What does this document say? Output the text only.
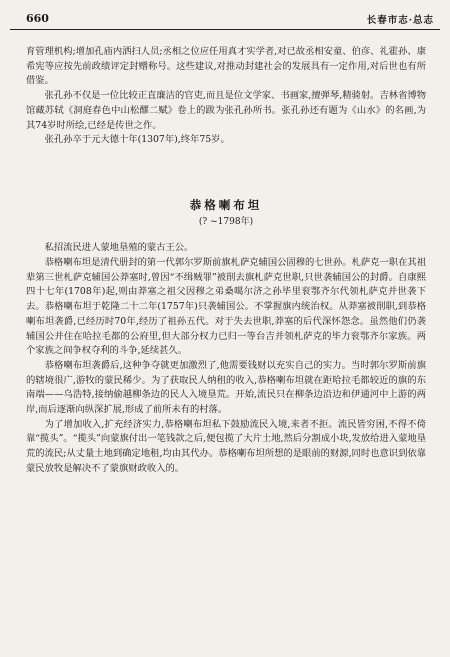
660	长春市志·总志

育管理机构;增加孔庙内洒扫人员;丞相之位应任用真才实学者,对已故丞相安童、伯彦、礼霍孙、康希宪等应按先前政绩评定封赠称号。这些建议,对推动封建社会的发展具有一定作用,对后世也有所借鉴。

张孔孙不仅是一位比较正直廉洁的官吏,而且是位文学家、书画家,擅弹琴,精骑射。吉林省博物馆藏苏轼《洞庭春色中山松醪二赋》卷上的跋为张孔孙所书。张孔孙还有题为《山水》的名画,为其74岁时所绘,已经是传世之作。

张孔孙卒于元大德十年(1307年),终年75岁。

恭格喇布坦
(? ~1798年)

私招流民进人蒙地垦殖的蒙古王公。

恭格喇布坦是清代册封的第一代郭尔罗斯前旗札萨克辅国公固穆的七世孙。札萨克一职在其祖辈第三世札萨克辅国公莽塞时,曾因“不缉贼罪”被削去旗札萨克世职,只世袭辅国公的封爵。自康熙四十七年(1708年)起,则由莽塞之祖父因穆之弟桑噶尔济之孙毕里衮鄂齐尔代领札萨克并世袭下去。恭格喇布坦于乾隆二十二年(1757年)只袭辅国公。不掌握旗内统治权。从莽塞被削职,到恭格喇布坦袭爵,已经历时70年,经历了祖孙五代。对于失去世职,莽塞的后代深怀怨念。虽然他们仍袭辅国公并住在哈拉毛都的公府里,但大部分权力已归一等台吉并领札萨克的毕力衮鄂齐尔家族。两个家族之间争权夺利的斗争,延续甚久。

恭格喇布坦袭爵后,这种争夺就更加激烈了,他需要钱财以充实自己的实力。当时郭尔罗斯前旗的辖境很广,游牧的蒙民稀少。为了获取民人纳租的收入,恭格喇布坦就在距哈拉毛都较近的旗的东南端——乌浩特,接纳偷越柳条边的民人入境垦荒。开始,流民只在柳条边沿边和伊通河中上游的两岸,而后逐渐向纵深扩展,形成了前所未有的村落。

为了增加收入,扩充经济实力,恭格喇布坦私下鼓励流民入境,来者不拒。流民皆穷困,不得不倚靠“揽头”。“揽头”向蒙旗付出一笔钱款之后,便包揽了大片土地,然后分割成小块,发放给进入蒙地垦荒的流民;从丈量土地到确定地租,均由其代办。恭格喇布坦所想的是眼前的财源,同时也意识到依靠蒙民放牧是解决不了蒙旗财政收入的。
